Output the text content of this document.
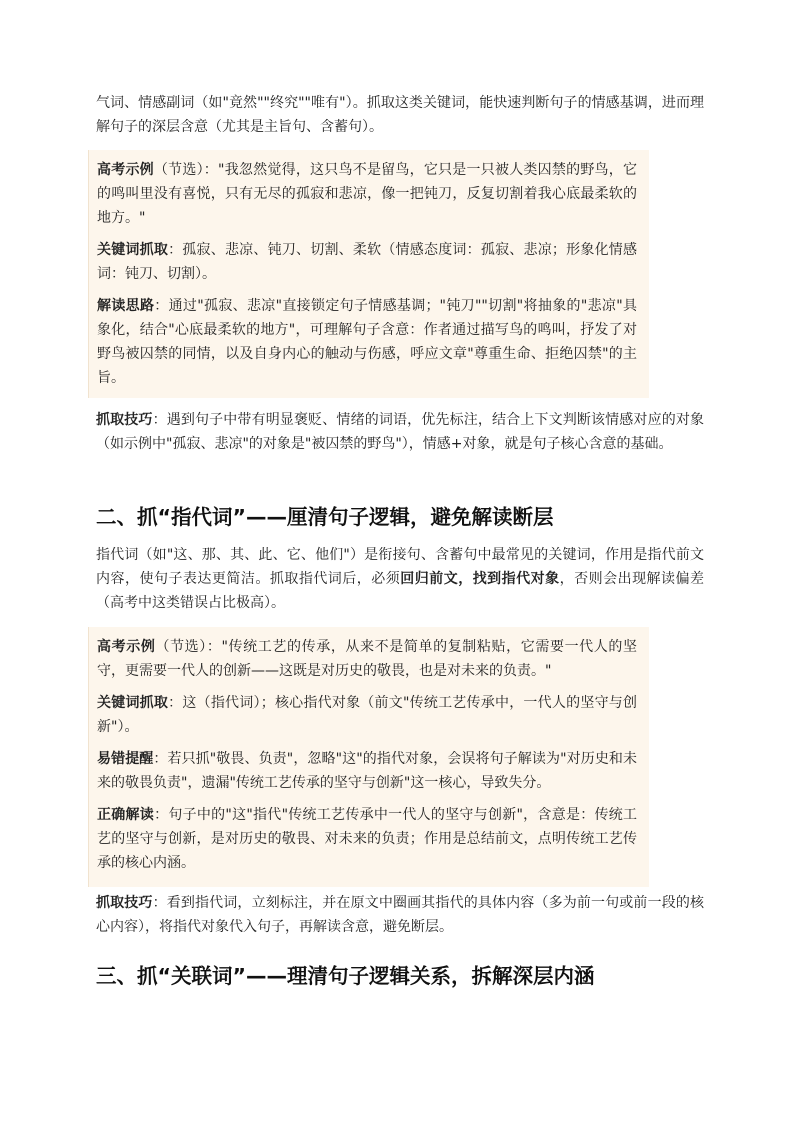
气词、情感副词（如"竟然""终究""唯有"）。抓取这类关键词，能快速判断句子的情感基调，进而理解句子的深层含意（尤其是主旨句、含蓄句）。

高考示例（节选）："我忽然觉得，这只鸟不是留鸟，它只是一只被人类囚禁的野鸟，它的鸣叫里没有喜悦，只有无尽的孤寂和悲凉，像一把钝刀，反复切割着我心底最柔软的地方。"

关键词抓取：孤寂、悲凉、钝刀、切割、柔软（情感态度词：孤寂、悲凉；形象化情感词：钝刀、切割）。

解读思路：通过"孤寂、悲凉"直接锁定句子情感基调；"钝刀""切割"将抽象的"悲凉"具象化，结合"心底最柔软的地方"，可理解句子含意：作者通过描写鸟的鸣叫，抒发了对野鸟被囚禁的同情，以及自身内心的触动与伤感，呼应文章"尊重生命、拒绝囚禁"的主旨。

抓取技巧：遇到句子中带有明显褒贬、情绪的词语，优先标注，结合上下文判断该情感对应的对象（如示例中"孤寂、悲凉"的对象是"被囚禁的野鸟"），情感+对象，就是句子核心含意的基础。

二、抓“指代词”——厘清句子逻辑，避免解读断层

指代词（如"这、那、其、此、它、他们"）是衔接句、含蓄句中最常见的关键词，作用是指代前文内容，使句子表达更简洁。抓取指代词后，必须回归前文，找到指代对象，否则会出现解读偏差（高考中这类错误占比极高）。

高考示例（节选）："传统工艺的传承，从来不是简单的复制粘贴，它需要一代人的坚守，更需要一代人的创新——这既是对历史的敬畏，也是对未来的负责。"

关键词抓取：这（指代词）；核心指代对象（前文"传统工艺传承中，一代人的坚守与创新"）。

易错提醒：若只抓"敬畏、负责"，忽略"这"的指代对象，会误将句子解读为"对历史和未来的敬畏负责"，遗漏"传统工艺传承的坚守与创新"这一核心，导致失分。

正确解读：句子中的"这"指代"传统工艺传承中一代人的坚守与创新"，含意是：传统工艺的坚守与创新，是对历史的敬畏、对未来的负责；作用是总结前文，点明传统工艺传承的核心内涵。

抓取技巧：看到指代词，立刻标注，并在原文中圈画其指代的具体内容（多为前一句或前一段的核心内容），将指代对象代入句子，再解读含意，避免断层。

三、抓“关联词”——理清句子逻辑关系，拆解深层内涵
